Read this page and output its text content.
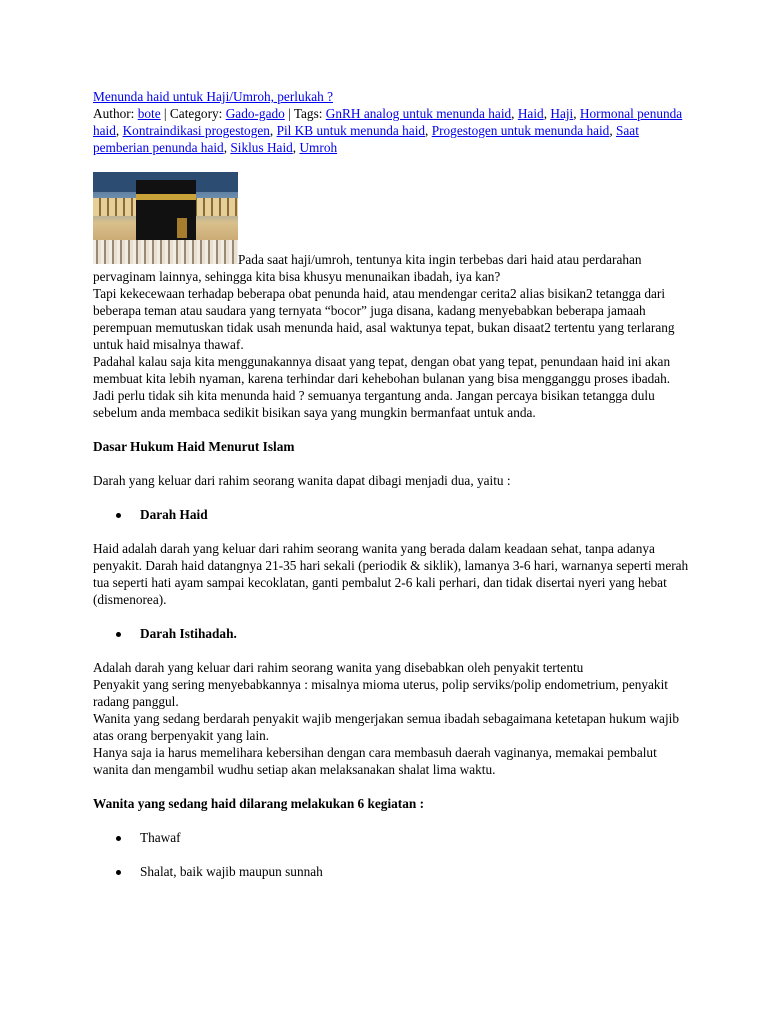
Menunda haid untuk Haji/Umroh, perlukah ?

Author: bote | Category: Gado-gado | Tags: GnRH analog untuk menunda haid, Haid, Haji, Hormonal penunda haid, Kontraindikasi progestogen, Pil KB untuk menunda haid, Progestogen untuk menunda haid, Saat pemberian penunda haid, Siklus Haid, Umroh

Pada saat haji/umroh, tentunya kita ingin terbebas dari haid atau perdarahan pervaginam lainnya, sehingga kita bisa khusyu menunaikan ibadah, iya kan?

Tapi kekecewaan terhadap beberapa obat penunda haid, atau mendengar cerita2 alias bisikan2 tetangga dari beberapa teman atau saudara yang ternyata “bocor” juga disana, kadang menyebabkan beberapa jamaah perempuan memutuskan tidak usah menunda haid, asal waktunya tepat, bukan disaat2 tertentu yang terlarang untuk haid misalnya thawaf.

Padahal kalau saja kita menggunakannya disaat yang tepat, dengan obat yang tepat, penundaan haid ini akan membuat kita lebih nyaman, karena terhindar dari kehebohan bulanan yang bisa mengganggu proses ibadah.

Jadi perlu tidak sih kita menunda haid ? semuanya tergantung anda. Jangan percaya bisikan tetangga dulu sebelum anda membaca sedikit bisikan saya yang mungkin bermanfaat untuk anda.

Dasar Hukum Haid Menurut Islam

Darah yang keluar dari rahim seorang wanita dapat dibagi menjadi dua, yaitu :

Darah Haid

Haid adalah darah yang keluar dari rahim seorang wanita yang berada dalam keadaan sehat, tanpa adanya penyakit. Darah haid datangnya 21-35 hari sekali (periodik & siklik), lamanya 3-6 hari, warnanya seperti merah tua seperti hati ayam sampai kecoklatan, ganti pembalut 2-6 kali perhari, dan tidak disertai nyeri yang hebat (dismenorea).

Darah Istihadah.

Adalah darah yang keluar dari rahim seorang wanita yang disebabkan oleh penyakit tertentu

Penyakit yang sering menyebabkannya : misalnya mioma uterus, polip serviks/polip endometrium, penyakit radang panggul.

Wanita yang sedang berdarah penyakit wajib mengerjakan semua ibadah sebagaimana ketetapan hukum wajib atas orang berpenyakit yang lain.

Hanya saja ia harus memelihara kebersihan dengan cara membasuh daerah vaginanya, memakai pembalut wanita dan mengambil wudhu setiap akan melaksanakan shalat lima waktu.

Wanita yang sedang haid dilarang melakukan 6 kegiatan :
Thawaf
Shalat, baik wajib maupun sunnah
